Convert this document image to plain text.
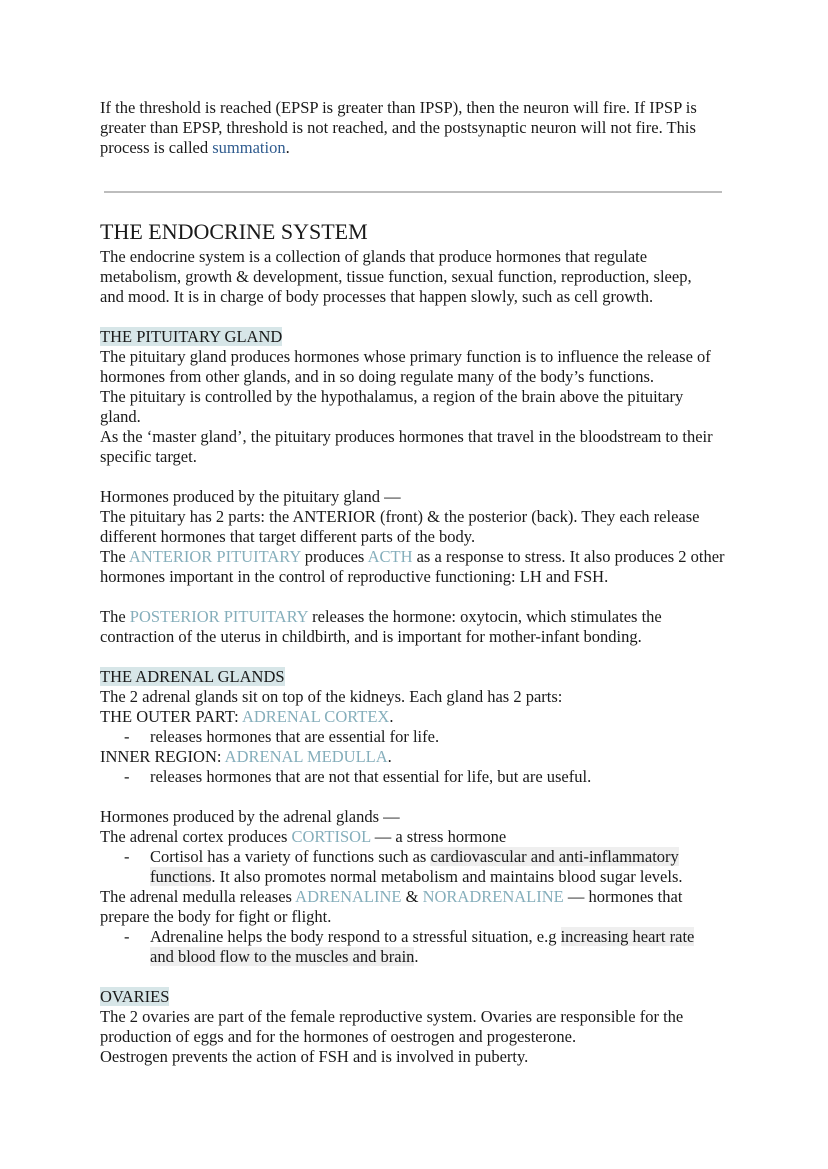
If the threshold is reached (EPSP is greater than IPSP), then the neuron will fire. If IPSP is
greater than EPSP, threshold is not reached, and the postsynaptic neuron will not fire. This
process is called summation.
THE ENDOCRINE SYSTEM
The endocrine system is a collection of glands that produce hormones that regulate
metabolism, growth & development, tissue function, sexual function, reproduction, sleep,
and mood. It is in charge of body processes that happen slowly, such as cell growth.
THE PITUITARY GLAND
The pituitary gland produces hormones whose primary function is to influence the release of
hormones from other glands, and in so doing regulate many of the body’s functions.
The pituitary is controlled by the hypothalamus, a region of the brain above the pituitary
gland.
As the ‘master gland’, the pituitary produces hormones that travel in the bloodstream to their
specific target.
Hormones produced by the pituitary gland —
The pituitary has 2 parts: the ANTERIOR (front) & the posterior (back). They each release
different hormones that target different parts of the body.
The ANTERIOR PITUITARY produces ACTH as a response to stress. It also produces 2 other
hormones important in the control of reproductive functioning: LH and FSH.
The POSTERIOR PITUITARY releases the hormone: oxytocin, which stimulates the
contraction of the uterus in childbirth, and is important for mother-infant bonding.
THE ADRENAL GLANDS
The 2 adrenal glands sit on top of the kidneys. Each gland has 2 parts:
THE OUTER PART: ADRENAL CORTEX.
- releases hormones that are essential for life.
INNER REGION: ADRENAL MEDULLA.
- releases hormones that are not that essential for life, but are useful.
Hormones produced by the adrenal glands —
The adrenal cortex produces CORTISOL — a stress hormone
- Cortisol has a variety of functions such as cardiovascular and anti-inflammatory
functions. It also promotes normal metabolism and maintains blood sugar levels.
The adrenal medulla releases ADRENALINE & NORADRENALINE — hormones that
prepare the body for fight or flight.
- Adrenaline helps the body respond to a stressful situation, e.g increasing heart rate
and blood flow to the muscles and brain.
OVARIES
The 2 ovaries are part of the female reproductive system. Ovaries are responsible for the
production of eggs and for the hormones of oestrogen and progesterone.
Oestrogen prevents the action of FSH and is involved in puberty.
